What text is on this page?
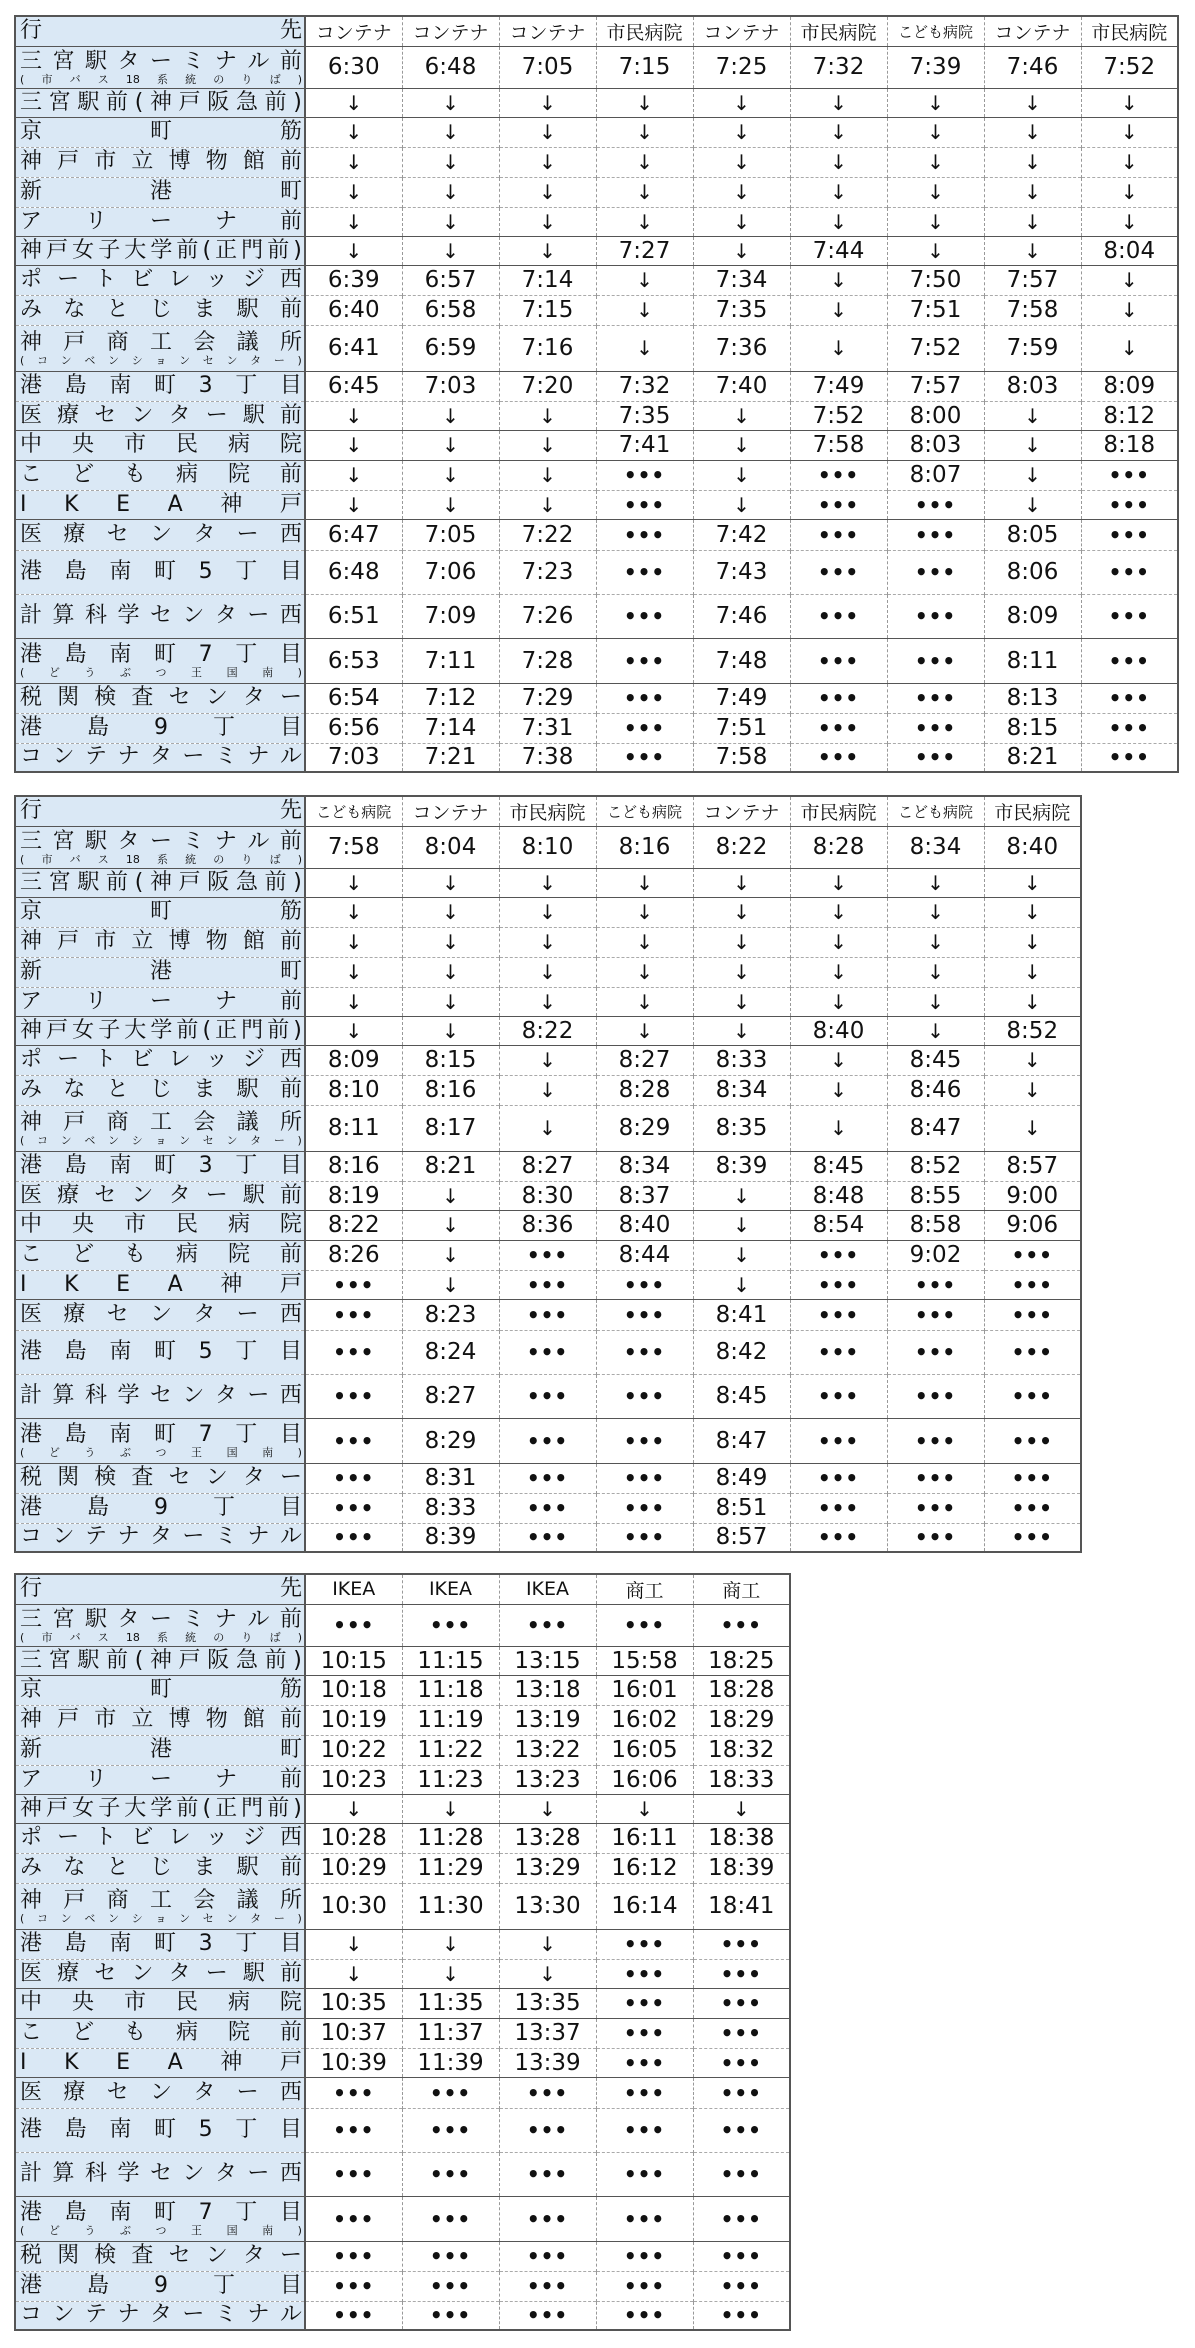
行 先	コンテナ	コンテナ	コンテナ	市民病院	コンテナ	市民病院	こども病院	コンテナ	市民病院

三 宮 駅 タ ー ミ ナ ル 前
( 市 バ ス 18 系 統 の り ば )	6:30	6:48	7:05	7:15	7:25	7:32	7:39	7:46	7:52

三 宮 駅 前 ( 神 戸 阪 急 前 )	↓	↓	↓	↓	↓	↓	↓	↓	↓

京 町 筋	↓	↓	↓	↓	↓	↓	↓	↓	↓

神 戸 市 立 博 物 館 前	↓	↓	↓	↓	↓	↓	↓	↓	↓

新 港 町	↓	↓	↓	↓	↓	↓	↓	↓	↓

ア リ ー ナ 前	↓	↓	↓	↓	↓	↓	↓	↓	↓

神 戸 女 子 大 学 前 ( 正 門 前 )	↓	↓	↓	7:27	↓	7:44	↓	↓	8:04

ポ ー ト ビ レ ッ ジ 西	6:39	6:57	7:14	↓	7:34	↓	7:50	7:57	↓

み な と じ ま 駅 前	6:40	6:58	7:15	↓	7:35	↓	7:51	7:58	↓

神 戸 商 工 会 議 所
( コ ン ベ ン シ ョ ン セ ン タ ー )	6:41	6:59	7:16	↓	7:36	↓	7:52	7:59	↓

港 島 南 町 3 丁 目	6:45	7:03	7:20	7:32	7:40	7:49	7:57	8:03	8:09

医 療 セ ン タ ー 駅 前	↓	↓	↓	7:35	↓	7:52	8:00	↓	8:12

中 央 市 民 病 院	↓	↓	↓	7:41	↓	7:58	8:03	↓	8:18

こ ど も 病 院 前	↓	↓	↓	•••	↓	•••	8:07	↓	•••

I K E A 神 戸	↓	↓	↓	•••	↓	•••	•••	↓	•••

医 療 セ ン タ ー 西	6:47	7:05	7:22	•••	7:42	•••	•••	8:05	•••

港 島 南 町 5 丁 目	6:48	7:06	7:23	•••	7:43	•••	•••	8:06	•••

計 算 科 学 セ ン タ ー 西	6:51	7:09	7:26	•••	7:46	•••	•••	8:09	•••

港 島 南 町 7 丁 目
( ど う ぶ つ 王 国 南 )	6:53	7:11	7:28	•••	7:48	•••	•••	8:11	•••

税 関 検 査 セ ン タ ー	6:54	7:12	7:29	•••	7:49	•••	•••	8:13	•••

港 島 9 丁 目	6:56	7:14	7:31	•••	7:51	•••	•••	8:15	•••

コ ン テ ナ タ ー ミ ナ ル	7:03	7:21	7:38	•••	7:58	•••	•••	8:21	•••
行 先	こども病院	コンテナ	市民病院	こども病院	コンテナ	市民病院	こども病院	市民病院

三 宮 駅 タ ー ミ ナ ル 前
( 市 バ ス 18 系 統 の り ば )	7:58	8:04	8:10	8:16	8:22	8:28	8:34	8:40

三 宮 駅 前 ( 神 戸 阪 急 前 )	↓	↓	↓	↓	↓	↓	↓	↓

京 町 筋	↓	↓	↓	↓	↓	↓	↓	↓

神 戸 市 立 博 物 館 前	↓	↓	↓	↓	↓	↓	↓	↓

新 港 町	↓	↓	↓	↓	↓	↓	↓	↓

ア リ ー ナ 前	↓	↓	↓	↓	↓	↓	↓	↓

神 戸 女 子 大 学 前 ( 正 門 前 )	↓	↓	8:22	↓	↓	8:40	↓	8:52

ポ ー ト ビ レ ッ ジ 西	8:09	8:15	↓	8:27	8:33	↓	8:45	↓

み な と じ ま 駅 前	8:10	8:16	↓	8:28	8:34	↓	8:46	↓

神 戸 商 工 会 議 所
( コ ン ベ ン シ ョ ン セ ン タ ー )	8:11	8:17	↓	8:29	8:35	↓	8:47	↓

港 島 南 町 3 丁 目	8:16	8:21	8:27	8:34	8:39	8:45	8:52	8:57

医 療 セ ン タ ー 駅 前	8:19	↓	8:30	8:37	↓	8:48	8:55	9:00

中 央 市 民 病 院	8:22	↓	8:36	8:40	↓	8:54	8:58	9:06

こ ど も 病 院 前	8:26	↓	•••	8:44	↓	•••	9:02	•••

I K E A 神 戸	•••	↓	•••	•••	↓	•••	•••	•••

医 療 セ ン タ ー 西	•••	8:23	•••	•••	8:41	•••	•••	•••

港 島 南 町 5 丁 目	•••	8:24	•••	•••	8:42	•••	•••	•••

計 算 科 学 セ ン タ ー 西	•••	8:27	•••	•••	8:45	•••	•••	•••

港 島 南 町 7 丁 目
( ど う ぶ つ 王 国 南 )	•••	8:29	•••	•••	8:47	•••	•••	•••

税 関 検 査 セ ン タ ー	•••	8:31	•••	•••	8:49	•••	•••	•••

港 島 9 丁 目	•••	8:33	•••	•••	8:51	•••	•••	•••

コ ン テ ナ タ ー ミ ナ ル	•••	8:39	•••	•••	8:57	•••	•••	•••
行 先	IKEA	IKEA	IKEA	商工	商工

三 宮 駅 タ ー ミ ナ ル 前
( 市 バ ス 18 系 統 の り ば )	•••	•••	•••	•••	•••

三 宮 駅 前 ( 神 戸 阪 急 前 )	10:15	11:15	13:15	15:58	18:25

京 町 筋	10:18	11:18	13:18	16:01	18:28

神 戸 市 立 博 物 館 前	10:19	11:19	13:19	16:02	18:29

新 港 町	10:22	11:22	13:22	16:05	18:32

ア リ ー ナ 前	10:23	11:23	13:23	16:06	18:33

神 戸 女 子 大 学 前 ( 正 門 前 )	↓	↓	↓	↓	↓

ポ ー ト ビ レ ッ ジ 西	10:28	11:28	13:28	16:11	18:38

み な と じ ま 駅 前	10:29	11:29	13:29	16:12	18:39

神 戸 商 工 会 議 所
( コ ン ベ ン シ ョ ン セ ン タ ー )	10:30	11:30	13:30	16:14	18:41

港 島 南 町 3 丁 目	↓	↓	↓	•••	•••

医 療 セ ン タ ー 駅 前	↓	↓	↓	•••	•••

中 央 市 民 病 院	10:35	11:35	13:35	•••	•••

こ ど も 病 院 前	10:37	11:37	13:37	•••	•••

I K E A 神 戸	10:39	11:39	13:39	•••	•••

医 療 セ ン タ ー 西	•••	•••	•••	•••	•••

港 島 南 町 5 丁 目	•••	•••	•••	•••	•••

計 算 科 学 セ ン タ ー 西	•••	•••	•••	•••	•••

港 島 南 町 7 丁 目
( ど う ぶ つ 王 国 南 )	•••	•••	•••	•••	•••

税 関 検 査 セ ン タ ー	•••	•••	•••	•••	•••

港 島 9 丁 目	•••	•••	•••	•••	•••

コ ン テ ナ タ ー ミ ナ ル	•••	•••	•••	•••	•••
